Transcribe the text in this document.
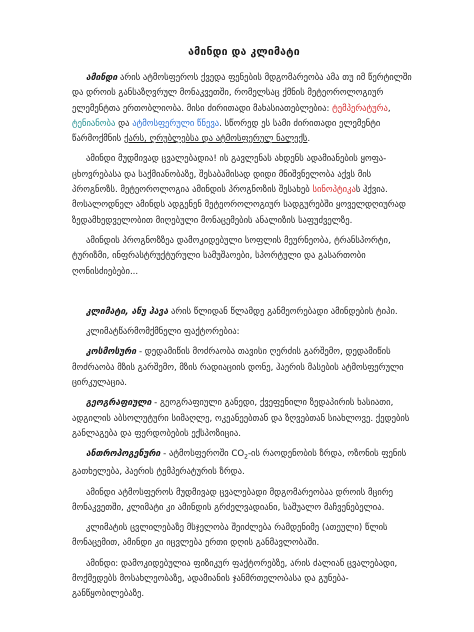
ამინდი და კლიმატი

ამინდი არის ატმოსფეროს ქვედა ფენების მდგომარეობა ამა თუ იმ წერტილში და დროის განსაზღვრულ მონაკვეთში, რომელსაც ქმნის მეტეოროლოგიურ ელემენტთა ერთობლიობა. მისი ძირითადი მახასიათებლებია: ტემპერატურა, ტენიანობა და ატმოსფერული წნევა. სწორედ ეს სამი ძირითადი ელემენტი წარმოქმნის ქარს, ღრუბლებსა და ატმოსფერულ ნალექს.

ამინდი მუდმივად ცვალებადია! ის გავლენას ახდენს ადამიანების ყოფა-ცხოვრებასა და საქმიანობაზე, შესაბამისად დიდი მნიშვნელობა აქვს მის პროგნოზს. მეტეოროლოგია ამინდის პროგნოზის შესახებ სინოპტიკას ჰქვია. მოსალოდნელ ამინდს ადგენენ მეტეოროლოგიურ სადგურებში ყოველდღიურად ზედამხედველობით მიღებული მონაცემების ანალიზის საფუძველზე.

ამინდის პროგნოზზეა დამოკიდებული სოფლის მეურნეობა, ტრანსპორტი, ტურიზმი, ინფრასტრუქტურული სამუშაოები, სპორტული და გასართობი ღონისძიებები...

კლიმატი, ანუ ჰავა არის წლიდან წლამდე განმეორებადი ამინდების ტიპი.

კლიმატწარმომქმნელი ფაქტორებია:

კოსმოსური - დედამიწის მოძრაობა თავისი ღერძის გარშემო, დედამიწის მოძრაობა მზის გარშემო, მზის რადიაციის დონე, ჰაერის მასების ატმოსფერული ცირკულაცია.

გეოგრაფიული - გეოგრაფიული განედი, ქვეფენილი ზედაპირის ხასიათი, ადგილის აბსოლუტური სიმაღლე, ოკეანეებთან და ზღვებთან სიახლოვე. ქედების განლაგება და ფერდობების ექსპოზიცია.

ანთროპოგენური - ატმოსფეროში $CO_2-ის$ რაოდენობის ზრდა, ოზონის ფენის გათხელება, ჰაერის ტემპერატურის ზრდა.

ამინდი ატმოსფეროს მუდმივად ცვალებადი მდგომარეობაა დროის მცირე მონაკვეთში, კლიმატი კი ამინდის გრძელვადიანი, საშუალო მაჩვენებელია.

კლიმატის ცვლილებაზე მსჯელობა შეიძლება რამდენიმე (ათეული) წლის მონაცემით, ამინდი კი იცვლება ერთი დღის განმავლობაში.

ამინდი: დამოკიდებულია ფიზიკურ ფაქტორებზე, არის ძალიან ცვალებადი, მოქმედებს მოსახლეობაზე, ადამიანის ჯანმრთელობასა და გუნება-განწყობილებაზე.
